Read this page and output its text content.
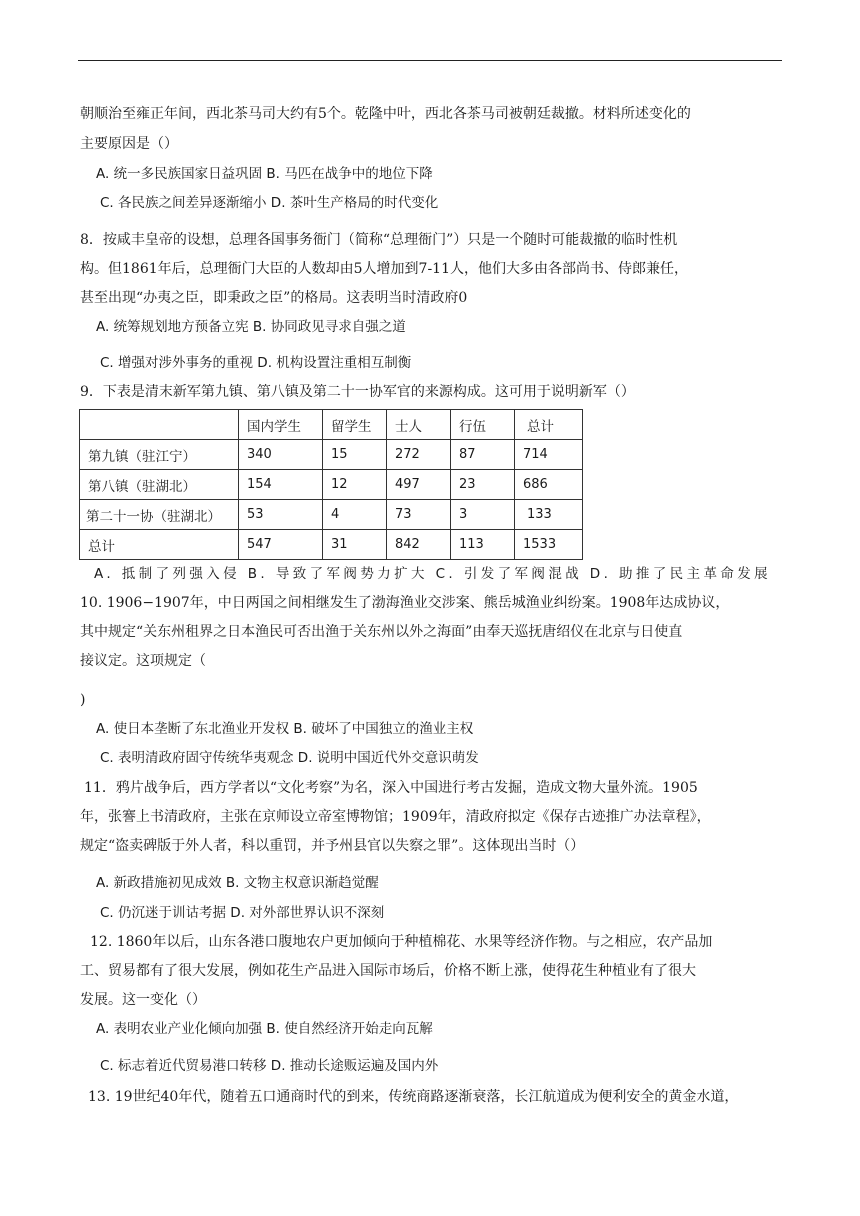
朝顺治至雍正年间，西北茶马司大约有5个。乾隆中叶，西北各茶马司被朝廷裁撤。材料所述变化的
主要原因是（）
A. 统一多民族国家日益巩固 B. 马匹在战争中的地位下降
C. 各民族之间差异逐渐缩小 D. 茶叶生产格局的时代变化
8．按咸丰皇帝的设想，总理各国事务衙门（简称“总理衙门”）只是一个随时可能裁撤的临时性机
构。但1861年后，总理衙门大臣的人数却由5人增加到7-11人，他们大多由各部尚书、侍郎兼任，
甚至出现“办夷之臣，即秉政之臣”的格局。这表明当时清政府0
A. 统筹规划地方预备立宪 B. 协同政见寻求自强之道
C. 增强对涉外事务的重视 D. 机构设置注重相互制衡
9．下表是清末新军第九镇、第八镇及第二十一协军官的来源构成。这可用于说明新军（）
	国内学生	留学生	士人	行伍	总计
第九镇（驻江宁）	340	15	272	87	714
第八镇（驻湖北）	154	12	497	23	686
第二十一协（驻湖北）	53	4	73	3	133
总计	547	31	842	113	1533
A. 抵制了列强入侵 B. 导致了军阀势力扩大 C. 引发了军阀混战 D. 助推了民主革命发展
10. 1906−1907年，中日两国之间相继发生了渤海渔业交涉案、熊岳城渔业纠纷案。1908年达成协议，
其中规定“关东州租界之日本渔民可否出渔于关东州以外之海面”由奉天巡抚唐绍仪在北京与日使直
接议定。这项规定（
)
A. 使日本垄断了东北渔业开发权 B. 破坏了中国独立的渔业主权
C. 表明清政府固守传统华夷观念 D. 说明中国近代外交意识萌发
11．鸦片战争后，西方学者以“文化考察”为名，深入中国进行考古发掘，造成文物大量外流。1905
年，张謇上书清政府，主张在京师设立帝室博物馆；1909年，清政府拟定《保存古迹推广办法章程》，
规定“盗卖碑版于外人者，科以重罚，并予州县官以失察之罪”。这体现出当时（）
A. 新政措施初见成效 B. 文物主权意识渐趋觉醒
C. 仍沉迷于训诂考据 D. 对外部世界认识不深刻
12. 1860年以后，山东各港口腹地农户更加倾向于种植棉花、水果等经济作物。与之相应，农产品加
工、贸易都有了很大发展，例如花生产品进入国际市场后，价格不断上涨，使得花生种植业有了很大
发展。这一变化（）
A. 表明农业产业化倾向加强 B. 使自然经济开始走向瓦解
C. 标志着近代贸易港口转移 D. 推动长途贩运遍及国内外
13. 19世纪40年代，随着五口通商时代的到来，传统商路逐渐衰落，长江航道成为便利安全的黄金水道，
